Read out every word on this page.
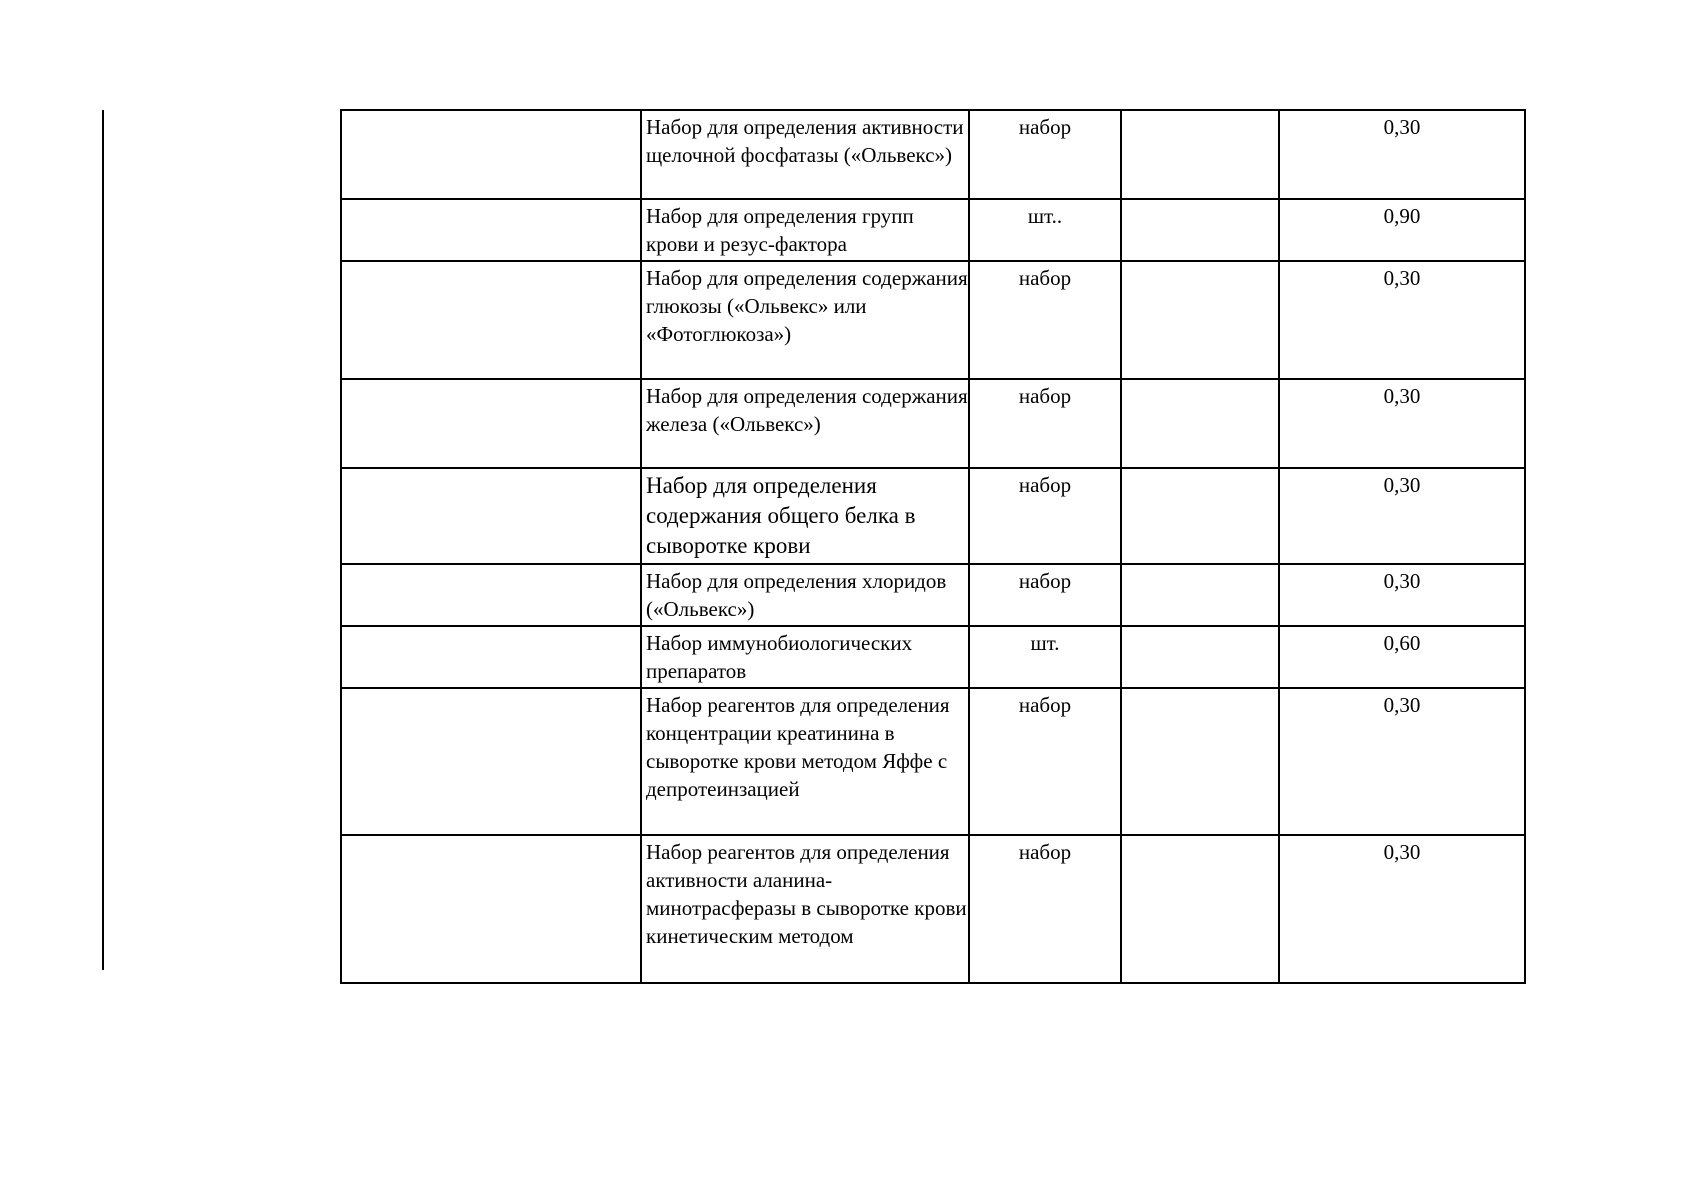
	Набор для определения активности щелочной фосфатазы («Ольвекс»)	набор		0,30

	Набор для определения групп крови и резус-фактора	шт..		0,90

	Набор для определения содержания глюкозы («Ольвекс» или «Фотоглюкоза»)	набор		0,30

	Набор для определения содержания железа («Ольвекс»)	набор		0,30

	Набор для определения содержания общего белка в сыворотке крови	набор		0,30

	Набор для определения хлоридов («Ольвекс»)	набор		0,30

	Набор иммунобиологических препаратов	шт.		0,60

	Набор реагентов для определения концентрации креатинина в сыворотке крови методом Яффе с депротеинзацией	набор		0,30

	Набор реагентов для определения активности аланина-минотрасферазы в сыворотке крови кинетическим методом	набор		0,30
